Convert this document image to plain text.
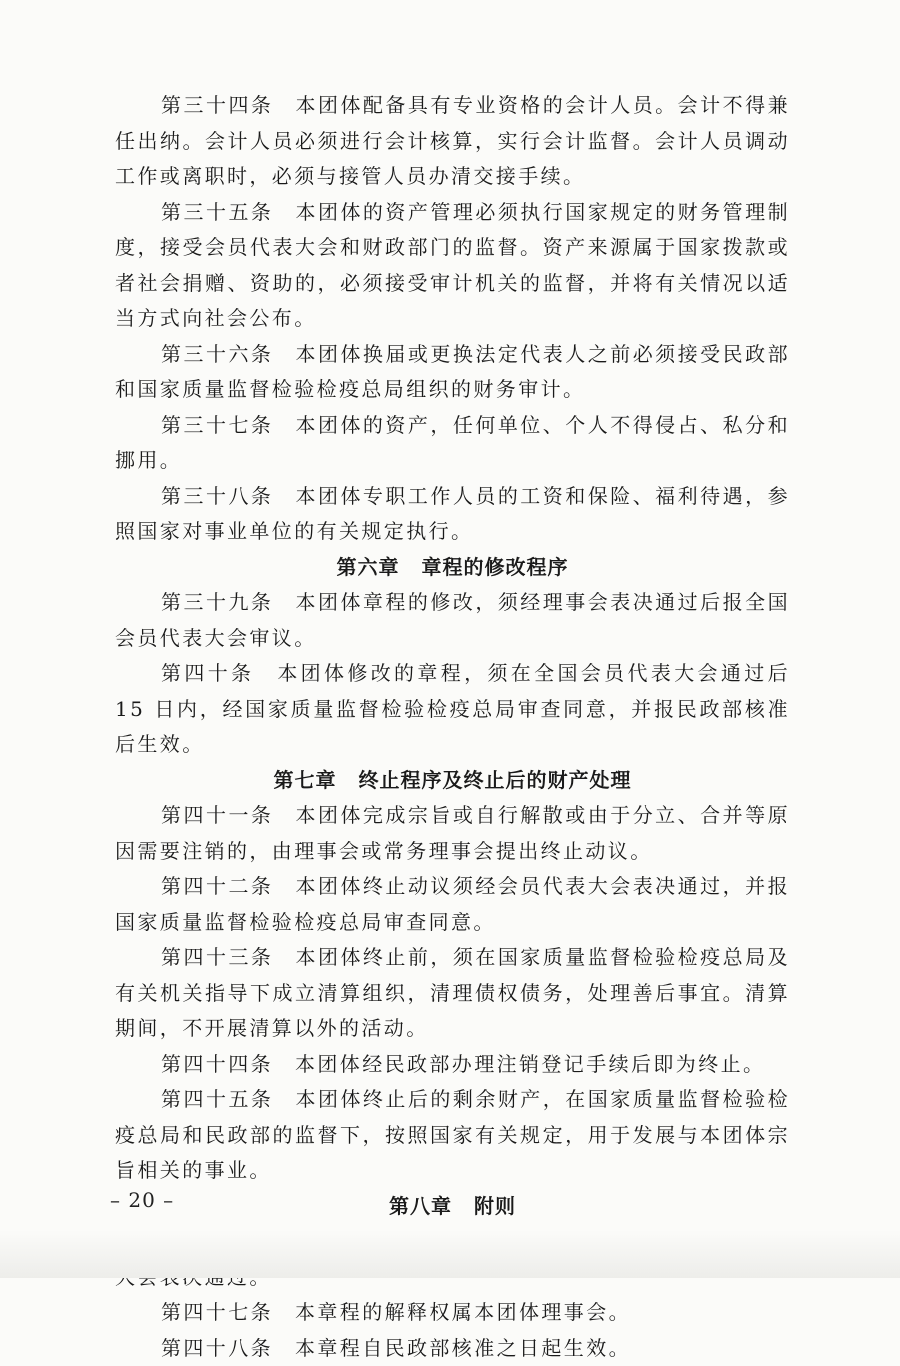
第三十四条 本团体配备具有专业资格的会计人员。会计不得兼任出纳。会计人员必须进行会计核算，实行会计监督。会计人员调动工作或离职时，必须与接管人员办清交接手续。

第三十五条 本团体的资产管理必须执行国家规定的财务管理制度，接受会员代表大会和财政部门的监督。资产来源属于国家拨款或者社会捐赠、资助的，必须接受审计机关的监督，并将有关情况以适当方式向社会公布。

第三十六条 本团体换届或更换法定代表人之前必须接受民政部和国家质量监督检验检疫总局组织的财务审计。

第三十七条 本团体的资产，任何单位、个人不得侵占、私分和挪用。

第三十八条 本团体专职工作人员的工资和保险、福利待遇，参照国家对事业单位的有关规定执行。

第六章 章程的修改程序

第三十九条 本团体章程的修改，须经理事会表决通过后报全国会员代表大会审议。

第四十条 本团体修改的章程，须在全国会员代表大会通过后 15 日内，经国家质量监督检验检疫总局审查同意，并报民政部核准后生效。

第七章 终止程序及终止后的财产处理

第四十一条 本团体完成宗旨或自行解散或由于分立、合并等原因需要注销的，由理事会或常务理事会提出终止动议。

第四十二条 本团体终止动议须经会员代表大会表决通过，并报国家质量监督检验检疫总局审查同意。

第四十三条 本团体终止前，须在国家质量监督检验检疫总局及有关机关指导下成立清算组织，清理债权债务，处理善后事宜。清算期间，不开展清算以外的活动。

第四十四条 本团体经民政部办理注销登记手续后即为终止。

第四十五条 本团体终止后的剩余财产，在国家质量监督检验检疫总局和民政部的监督下，按照国家有关规定，用于发展与本团体宗旨相关的事业。

第八章 附则

第四十七条 本章程的解释权属本团体理事会。

第四十八条 本章程自民政部核准之日起生效。

– 20 –
